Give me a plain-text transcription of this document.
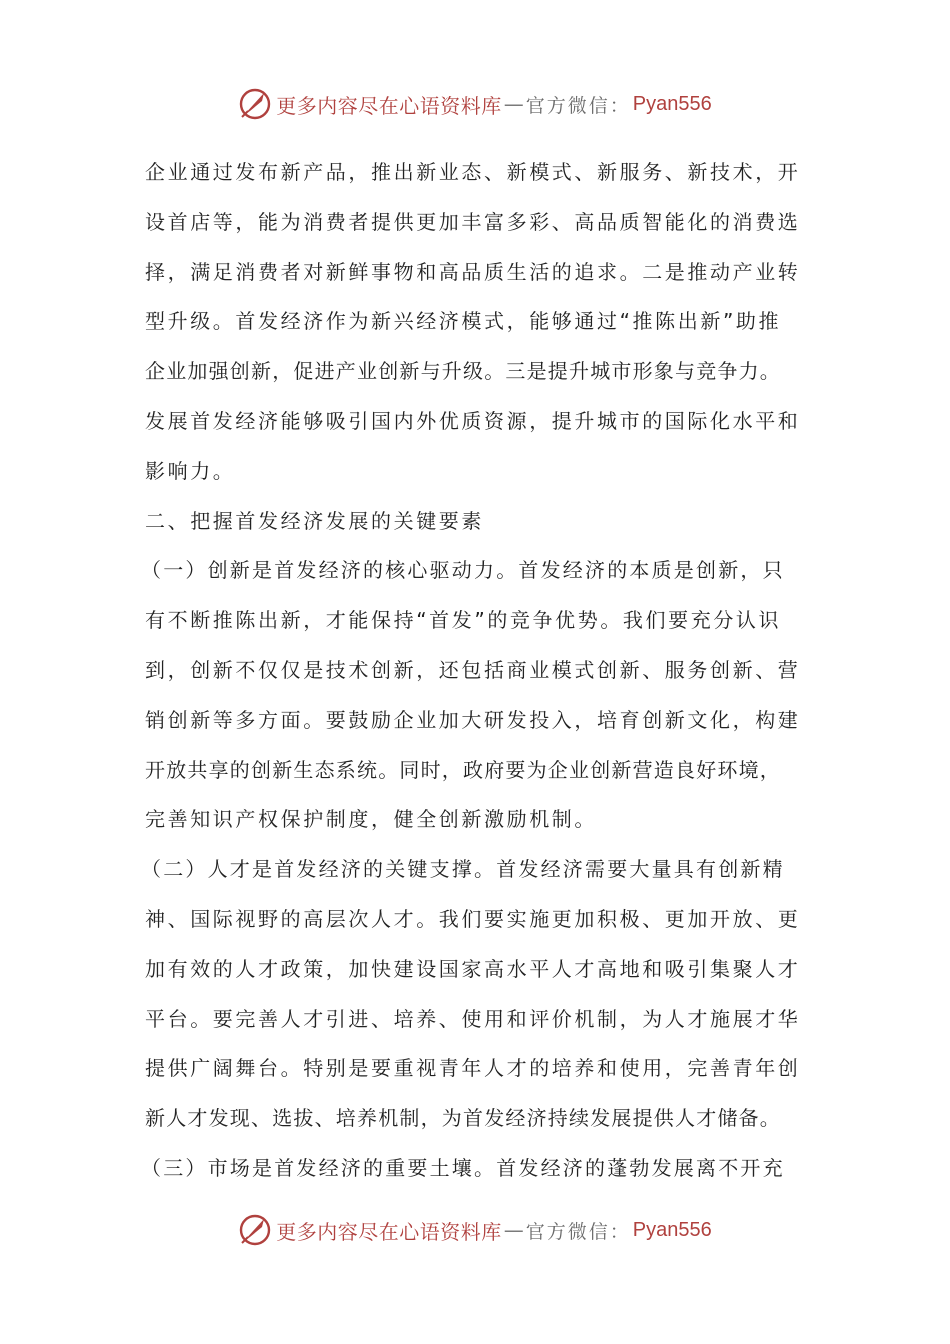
更多内容尽在心语资料库 — 官方微信： Pyan556
企业通过发布新产品，推出新业态、新模式、新服务、新技术，开
设首店等，能为消费者提供更加丰富多彩、高品质智能化的消费选
择，满足消费者对新鲜事物和高品质生活的追求。二是推动产业转
型升级。首发经济作为新兴经济模式，能够通过“推陈出新”助推
企业加强创新，促进产业创新与升级。三是提升城市形象与竞争力。
发展首发经济能够吸引国内外优质资源，提升城市的国际化水平和
影响力。
二、把握首发经济发展的关键要素
（一）创新是首发经济的核心驱动力。首发经济的本质是创新，只
有不断推陈出新，才能保持“首发”的竞争优势。我们要充分认识
到，创新不仅仅是技术创新，还包括商业模式创新、服务创新、营
销创新等多方面。要鼓励企业加大研发投入，培育创新文化，构建
开放共享的创新生态系统。同时，政府要为企业创新营造良好环境，
完善知识产权保护制度，健全创新激励机制。
（二）人才是首发经济的关键支撑。首发经济需要大量具有创新精
神、国际视野的高层次人才。我们要实施更加积极、更加开放、更
加有效的人才政策，加快建设国家高水平人才高地和吸引集聚人才
平台。要完善人才引进、培养、使用和评价机制，为人才施展才华
提供广阔舞台。特别是要重视青年人才的培养和使用，完善青年创
新人才发现、选拔、培养机制，为首发经济持续发展提供人才储备。
（三）市场是首发经济的重要土壤。首发经济的蓬勃发展离不开充
更多内容尽在心语资料库 — 官方微信： Pyan556
